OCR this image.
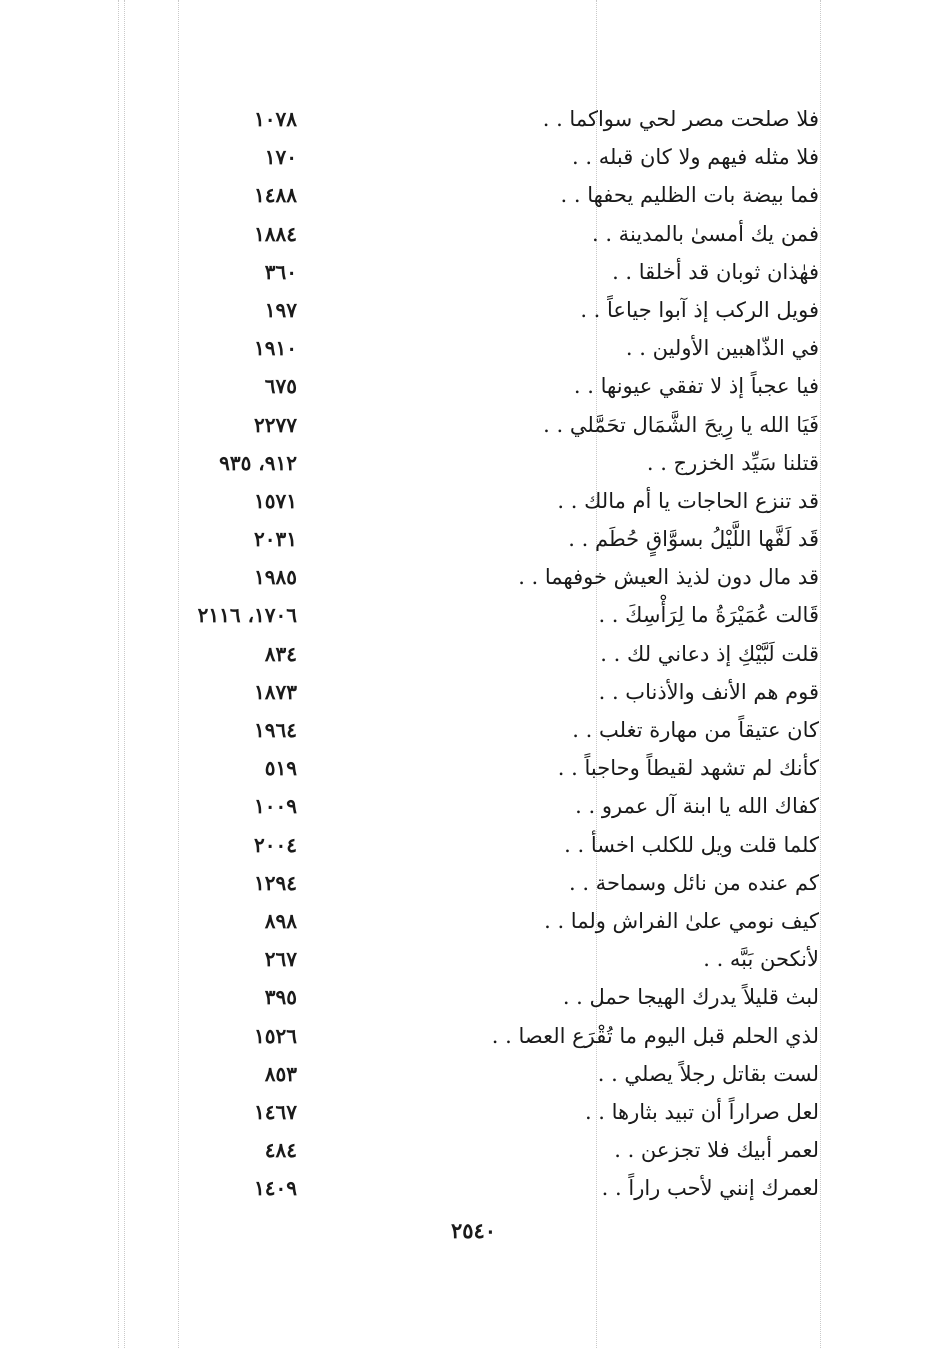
فلا صلحت مصر لحي سواكما . .
١٠٧٨
فلا مثله فيهم ولا كان قبله . .
١٧٠
فما بيضة بات الظليم يحفها . .
١٤٨٨
فمن يك أمسىٰ بالمدينة . .
١٨٨٤
فهٰذان ثوبان قد أخلقا . .
٣٦٠
فويل الركب إذ آبوا جياعاً . .
١٩٧
في الذّاهبين الأولين . .
١٩١٠
فيا عجباً إذ لا تفقي عيونها . .
٦٧٥
فَيَا الله يا رِيحَ الشَّمَال تحَمَّلي . .
٢٢٧٧
قتلنا سَيِّد الخزرج . .
٩١٢، ٩٣٥
قد تنزع الحاجات يا أم مالك . .
١٥٧١
قَد لَفَّها اللَّيْلُ بسوَّاقٍ حُطَم . .
٢٠٣١
قد مال دون لذيذ العيش خوفهما . .
١٩٨٥
قَالت عُمَيْرَةُ ما لِرَأْسِكَ . .
١٧٠٦، ٢١١٦
قلت لَبَّيْكِ إذ دعاني لك . .
٨٣٤
قوم هم الأنف والأذناب . .
١٨٧٣
كان عتيقاً من مهارة تغلب . .
١٩٦٤
كأنك لم تشهد لقيطاً وحاجباً . .
٥١٩
كفاك الله يا ابنة آل عمرو . .
١٠٠٩
كلما قلت ويل للكلب اخسأ . .
٢٠٠٤
كم عنده من نائل وسماحة . .
١٢٩٤
كيف نومي علىٰ الفراش ولما . .
٨٩٨
لأنكحن بَبَّه . .
٢٦٧
لبث قليلاً يدرك الهيجا حمل . .
٣٩٥
لذي الحلم قبل اليوم ما تُقْرَع العصا . .
١٥٢٦
لست بقاتل رجلاً يصلي . .
٨٥٣
لعل صراراً أن تبيد بثارها . .
١٤٦٧
لعمر أبيك فلا تجزعن . .
٤٨٤
لعمرك إنني لأحب راراً . .
١٤٠٩
٢٥٤٠
